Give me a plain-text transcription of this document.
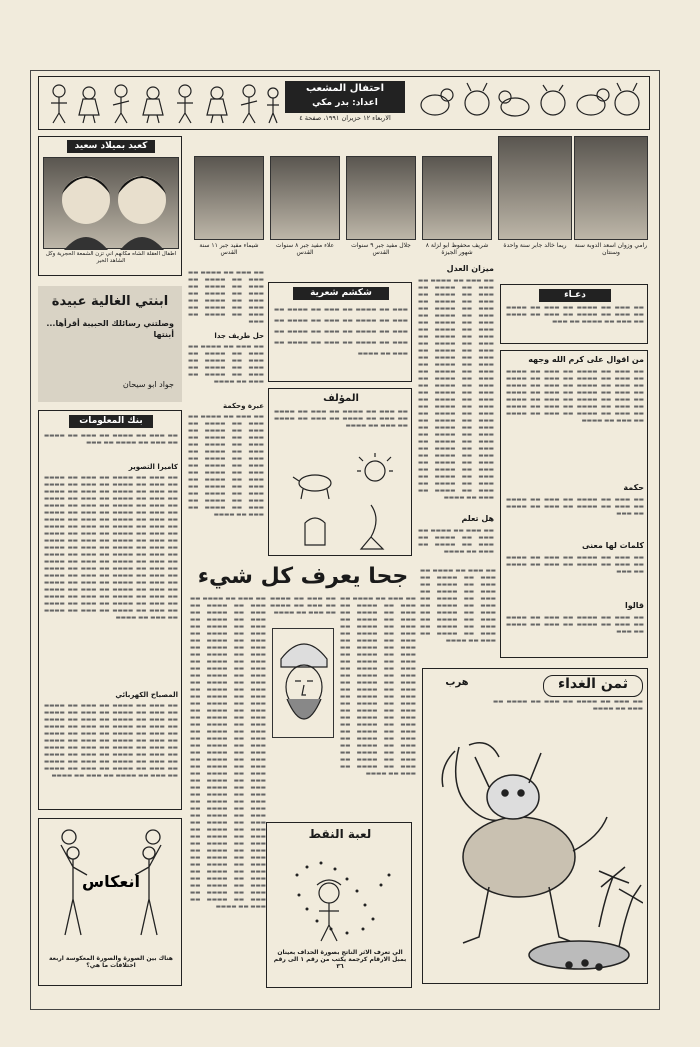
احتفال المشعب
اعداد: بدر مكي
الاربعاء ١٢ حزيران ١٩٩١، صفحة ٤
كعبد بميلاد سعيد
اطفال العقلة الشاه مكانهم اني تزن الشمعة الحجرية وكل الشاهد الخير
ابنتي الغالية عبيدة
وصلتني رسائلك الحبيبة أقرأها... أبنتها
جواد ابو سيحان
بنك المعلومات
▬▬ ▬▬▬ ▬▬ ▬▬▬▬ ▬▬ ▬▬▬ ▬▬ ▬▬▬▬ ▬▬ ▬▬▬ ▬▬ ▬▬▬▬ ▬▬ ▬▬▬
كاميرا التصوير
▬▬ ▬▬▬ ▬▬ ▬▬▬▬ ▬▬ ▬▬▬ ▬▬ ▬▬▬▬ ▬▬ ▬▬▬ ▬▬ ▬▬▬▬ ▬▬ ▬▬▬ ▬▬ ▬▬▬▬ ▬▬ ▬▬▬ ▬▬ ▬▬▬▬ ▬▬ ▬▬▬ ▬▬ ▬▬▬▬ ▬▬ ▬▬▬ ▬▬ ▬▬▬▬ ▬▬ ▬▬▬ ▬▬ ▬▬▬▬ ▬▬ ▬▬▬ ▬▬ ▬▬▬▬ ▬▬ ▬▬▬ ▬▬ ▬▬▬▬ ▬▬ ▬▬▬ ▬▬ ▬▬▬▬ ▬▬ ▬▬▬ ▬▬ ▬▬▬▬ ▬▬ ▬▬▬ ▬▬ ▬▬▬▬ ▬▬ ▬▬▬ ▬▬ ▬▬▬▬ ▬▬ ▬▬▬ ▬▬ ▬▬▬▬ ▬▬ ▬▬▬ ▬▬ ▬▬▬▬ ▬▬ ▬▬▬ ▬▬ ▬▬▬▬ ▬▬ ▬▬▬ ▬▬ ▬▬▬▬ ▬▬ ▬▬▬ ▬▬ ▬▬▬▬ ▬▬ ▬▬▬ ▬▬ ▬▬▬▬ ▬▬ ▬▬▬ ▬▬ ▬▬▬▬ ▬▬ ▬▬▬ ▬▬ ▬▬▬▬ ▬▬ ▬▬▬ ▬▬ ▬▬▬▬ ▬▬ ▬▬▬ ▬▬ ▬▬▬▬ ▬▬ ▬▬▬ ▬▬ ▬▬▬▬ ▬▬ ▬▬▬ ▬▬ ▬▬▬▬ ▬▬ ▬▬▬ ▬▬ ▬▬▬▬ ▬▬ ▬▬▬ ▬▬ ▬▬▬▬ ▬▬ ▬▬▬ ▬▬ ▬▬▬▬ ▬▬ ▬▬▬ ▬▬ ▬▬▬▬ ▬▬ ▬▬▬ ▬▬ ▬▬▬▬ ▬▬ ▬▬▬ ▬▬ ▬▬▬▬ ▬▬ ▬▬▬ ▬▬ ▬▬▬▬ ▬▬ ▬▬▬ ▬▬ ▬▬▬▬ ▬▬ ▬▬▬ ▬▬ ▬▬▬▬ ▬▬ ▬▬▬ ▬▬ ▬▬▬▬ ▬▬ ▬▬▬ ▬▬ ▬▬▬▬ ▬▬ ▬▬▬ ▬▬ ▬▬▬▬ ▬▬ ▬▬▬ ▬▬ ▬▬▬▬ ▬▬ ▬▬▬ ▬▬ ▬▬▬▬ ▬▬ ▬▬▬ ▬▬ ▬▬▬▬
المصباح الكهربائي
▬▬ ▬▬▬ ▬▬ ▬▬▬▬ ▬▬ ▬▬▬ ▬▬ ▬▬▬▬ ▬▬ ▬▬▬ ▬▬ ▬▬▬▬ ▬▬ ▬▬▬ ▬▬ ▬▬▬▬ ▬▬ ▬▬▬ ▬▬ ▬▬▬▬ ▬▬ ▬▬▬ ▬▬ ▬▬▬▬ ▬▬ ▬▬▬ ▬▬ ▬▬▬▬ ▬▬ ▬▬▬ ▬▬ ▬▬▬▬ ▬▬ ▬▬▬ ▬▬ ▬▬▬▬ ▬▬ ▬▬▬ ▬▬ ▬▬▬▬ ▬▬ ▬▬▬ ▬▬ ▬▬▬▬ ▬▬ ▬▬▬ ▬▬ ▬▬▬▬ ▬▬ ▬▬▬ ▬▬ ▬▬▬▬ ▬▬ ▬▬▬ ▬▬ ▬▬▬▬ ▬▬ ▬▬▬ ▬▬ ▬▬▬▬ ▬▬ ▬▬▬ ▬▬ ▬▬▬▬ ▬▬ ▬▬▬ ▬▬ ▬▬▬▬ ▬▬ ▬▬▬ ▬▬ ▬▬▬▬ ▬▬ ▬▬▬ ▬▬ ▬▬▬▬ ▬▬ ▬▬▬ ▬▬ ▬▬▬▬ ▬▬ ▬▬▬ ▬▬ ▬▬▬▬ ▬▬ ▬▬▬ ▬▬ ▬▬▬▬
انعكاس
هناك بين الصورة والصورة المعكوسة اربعة اختلافات ما هي؟
رامي وزوان اسعد الدوبة سنة وسنتان
ريما خالد جابر سنة واحدة
شريف محفوظ ابو لزلة ٨ شهور الجيزة
جلال مفيد جبر ٩ سنوات القدس
علاء مفيد جبر ٨ سنوات القدس
شيماء مفيد جبر ١١ سنة القدس
▬▬ ▬▬▬ ▬▬ ▬▬▬▬ ▬▬ ▬▬▬ ▬▬ ▬▬▬▬ ▬▬ ▬▬▬ ▬▬ ▬▬▬▬ ▬▬ ▬▬▬ ▬▬ ▬▬▬▬ ▬▬ ▬▬▬ ▬▬ ▬▬▬▬ ▬▬ ▬▬▬ ▬▬ ▬▬▬▬ ▬▬ ▬▬▬ ▬▬ ▬▬▬▬ ▬▬ ▬▬▬
حل طريف جدا
▬▬ ▬▬▬ ▬▬ ▬▬▬▬ ▬▬ ▬▬▬ ▬▬ ▬▬▬▬ ▬▬ ▬▬▬ ▬▬ ▬▬▬▬ ▬▬ ▬▬▬ ▬▬ ▬▬▬▬ ▬▬ ▬▬▬ ▬▬ ▬▬▬▬ ▬▬ ▬▬▬ ▬▬ ▬▬▬▬
عبرة وحكمة
▬▬ ▬▬▬ ▬▬ ▬▬▬▬ ▬▬ ▬▬▬ ▬▬ ▬▬▬▬ ▬▬ ▬▬▬ ▬▬ ▬▬▬▬ ▬▬ ▬▬▬ ▬▬ ▬▬▬▬ ▬▬ ▬▬▬ ▬▬ ▬▬▬▬ ▬▬ ▬▬▬ ▬▬ ▬▬▬▬ ▬▬ ▬▬▬ ▬▬ ▬▬▬▬ ▬▬ ▬▬▬ ▬▬ ▬▬▬▬ ▬▬ ▬▬▬ ▬▬ ▬▬▬▬ ▬▬ ▬▬▬ ▬▬ ▬▬▬▬ ▬▬ ▬▬▬ ▬▬ ▬▬▬▬ ▬▬ ▬▬▬ ▬▬ ▬▬▬▬ ▬▬ ▬▬▬ ▬▬ ▬▬▬▬ ▬▬ ▬▬▬ ▬▬ ▬▬▬▬ ▬▬ ▬▬▬ ▬▬ ▬▬▬▬
شكشم شعرية
▬▬▬ ▬▬ ▬▬▬▬ ▬▬ ▬▬▬ ▬▬ ▬▬▬▬ ▬▬ ▬▬▬ ▬▬ ▬▬▬▬ ▬▬ ▬▬▬ ▬▬ ▬▬▬▬ ▬▬ ▬▬▬ ▬▬ ▬▬▬▬ ▬▬ ▬▬▬ ▬▬ ▬▬▬▬ ▬▬ ▬▬▬ ▬▬ ▬▬▬▬ ▬▬ ▬▬▬ ▬▬ ▬▬▬▬ ▬▬ ▬▬▬ ▬▬ ▬▬▬▬
المؤلف
▬▬ ▬▬▬ ▬▬ ▬▬▬▬ ▬▬ ▬▬▬ ▬▬ ▬▬▬▬ ▬▬ ▬▬▬ ▬▬ ▬▬▬▬ ▬▬ ▬▬▬ ▬▬ ▬▬▬▬ ▬▬ ▬▬▬ ▬▬ ▬▬▬▬
ميزان العدل
▬▬ ▬▬▬ ▬▬ ▬▬▬▬ ▬▬ ▬▬▬ ▬▬ ▬▬▬▬ ▬▬ ▬▬▬ ▬▬ ▬▬▬▬ ▬▬ ▬▬▬ ▬▬ ▬▬▬▬ ▬▬ ▬▬▬ ▬▬ ▬▬▬▬ ▬▬ ▬▬▬ ▬▬ ▬▬▬▬ ▬▬ ▬▬▬ ▬▬ ▬▬▬▬ ▬▬ ▬▬▬ ▬▬ ▬▬▬▬ ▬▬ ▬▬▬ ▬▬ ▬▬▬▬ ▬▬ ▬▬▬ ▬▬ ▬▬▬▬ ▬▬ ▬▬▬ ▬▬ ▬▬▬▬ ▬▬ ▬▬▬ ▬▬ ▬▬▬▬ ▬▬ ▬▬▬ ▬▬ ▬▬▬▬ ▬▬ ▬▬▬ ▬▬ ▬▬▬▬ ▬▬ ▬▬▬ ▬▬ ▬▬▬▬ ▬▬ ▬▬▬ ▬▬ ▬▬▬▬ ▬▬ ▬▬▬ ▬▬ ▬▬▬▬ ▬▬ ▬▬▬ ▬▬ ▬▬▬▬ ▬▬ ▬▬▬ ▬▬ ▬▬▬▬ ▬▬ ▬▬▬ ▬▬ ▬▬▬▬ ▬▬ ▬▬▬ ▬▬ ▬▬▬▬ ▬▬ ▬▬▬ ▬▬ ▬▬▬▬ ▬▬ ▬▬▬ ▬▬ ▬▬▬▬ ▬▬ ▬▬▬ ▬▬ ▬▬▬▬ ▬▬ ▬▬▬ ▬▬ ▬▬▬▬ ▬▬ ▬▬▬ ▬▬ ▬▬▬▬ ▬▬ ▬▬▬ ▬▬ ▬▬▬▬ ▬▬ ▬▬▬ ▬▬ ▬▬▬▬ ▬▬ ▬▬▬ ▬▬ ▬▬▬▬ ▬▬ ▬▬▬ ▬▬ ▬▬▬▬ ▬▬ ▬▬▬ ▬▬ ▬▬▬▬ ▬▬ ▬▬▬ ▬▬ ▬▬▬▬
هل تعلم
▬▬ ▬▬▬ ▬▬ ▬▬▬▬ ▬▬ ▬▬▬ ▬▬ ▬▬▬▬ ▬▬ ▬▬▬ ▬▬ ▬▬▬▬ ▬▬ ▬▬▬ ▬▬ ▬▬▬▬
دعـاء
▬▬ ▬▬▬ ▬▬ ▬▬▬▬ ▬▬ ▬▬▬ ▬▬ ▬▬▬▬ ▬▬ ▬▬▬ ▬▬ ▬▬▬▬ ▬▬ ▬▬▬ ▬▬ ▬▬▬▬ ▬▬ ▬▬▬ ▬▬ ▬▬▬▬ ▬▬ ▬▬▬
من اقوال على كرم الله وجهه
▬▬ ▬▬▬ ▬▬ ▬▬▬▬ ▬▬ ▬▬▬ ▬▬ ▬▬▬▬ ▬▬ ▬▬▬ ▬▬ ▬▬▬▬ ▬▬ ▬▬▬ ▬▬ ▬▬▬▬ ▬▬ ▬▬▬ ▬▬ ▬▬▬▬ ▬▬ ▬▬▬ ▬▬ ▬▬▬▬ ▬▬ ▬▬▬ ▬▬ ▬▬▬▬ ▬▬ ▬▬▬ ▬▬ ▬▬▬▬ ▬▬ ▬▬▬ ▬▬ ▬▬▬▬ ▬▬ ▬▬▬ ▬▬ ▬▬▬▬ ▬▬ ▬▬▬ ▬▬ ▬▬▬▬ ▬▬ ▬▬▬ ▬▬ ▬▬▬▬ ▬▬ ▬▬▬ ▬▬ ▬▬▬▬ ▬▬ ▬▬▬ ▬▬ ▬▬▬▬ ▬▬ ▬▬▬ ▬▬ ▬▬▬▬
حكمة
▬▬ ▬▬▬ ▬▬ ▬▬▬▬ ▬▬ ▬▬▬ ▬▬ ▬▬▬▬ ▬▬ ▬▬▬ ▬▬ ▬▬▬▬ ▬▬ ▬▬▬ ▬▬ ▬▬▬▬ ▬▬ ▬▬▬
كلمات لها معنى
▬▬ ▬▬▬ ▬▬ ▬▬▬▬ ▬▬ ▬▬▬ ▬▬ ▬▬▬▬ ▬▬ ▬▬▬ ▬▬ ▬▬▬▬ ▬▬ ▬▬▬ ▬▬ ▬▬▬▬ ▬▬ ▬▬▬
قالوا
▬▬ ▬▬▬ ▬▬ ▬▬▬▬ ▬▬ ▬▬▬ ▬▬ ▬▬▬▬ ▬▬ ▬▬▬ ▬▬ ▬▬▬▬ ▬▬ ▬▬▬ ▬▬ ▬▬▬▬ ▬▬ ▬▬▬
جحا يعرف كل شيء
▬▬ ▬▬▬ ▬▬ ▬▬▬▬ ▬▬ ▬▬▬ ▬▬ ▬▬▬▬ ▬▬ ▬▬▬ ▬▬ ▬▬▬▬ ▬▬ ▬▬▬ ▬▬ ▬▬▬▬ ▬▬ ▬▬▬ ▬▬ ▬▬▬▬ ▬▬ ▬▬▬ ▬▬ ▬▬▬▬ ▬▬ ▬▬▬ ▬▬ ▬▬▬▬ ▬▬ ▬▬▬ ▬▬ ▬▬▬▬ ▬▬ ▬▬▬ ▬▬ ▬▬▬▬ ▬▬ ▬▬▬ ▬▬ ▬▬▬▬ ▬▬ ▬▬▬ ▬▬ ▬▬▬▬ ▬▬ ▬▬▬ ▬▬ ▬▬▬▬ ▬▬ ▬▬▬ ▬▬ ▬▬▬▬ ▬▬ ▬▬▬ ▬▬ ▬▬▬▬ ▬▬ ▬▬▬ ▬▬ ▬▬▬▬ ▬▬ ▬▬▬ ▬▬ ▬▬▬▬ ▬▬ ▬▬▬ ▬▬ ▬▬▬▬ ▬▬ ▬▬▬ ▬▬ ▬▬▬▬ ▬▬ ▬▬▬ ▬▬ ▬▬▬▬ ▬▬ ▬▬▬ ▬▬ ▬▬▬▬ ▬▬ ▬▬▬ ▬▬ ▬▬▬▬ ▬▬ ▬▬▬ ▬▬ ▬▬▬▬ ▬▬ ▬▬▬ ▬▬ ▬▬▬▬ ▬▬ ▬▬▬ ▬▬ ▬▬▬▬ ▬▬ ▬▬▬ ▬▬ ▬▬▬▬ ▬▬ ▬▬▬ ▬▬ ▬▬▬▬ ▬▬ ▬▬▬ ▬▬ ▬▬▬▬ ▬▬ ▬▬▬ ▬▬ ▬▬▬▬ ▬▬ ▬▬▬ ▬▬ ▬▬▬▬ ▬▬ ▬▬▬ ▬▬ ▬▬▬▬ ▬▬ ▬▬▬ ▬▬ ▬▬▬▬ ▬▬ ▬▬▬ ▬▬ ▬▬▬▬ ▬▬ ▬▬▬ ▬▬ ▬▬▬▬ ▬▬ ▬▬▬ ▬▬ ▬▬▬▬ ▬▬ ▬▬▬ ▬▬ ▬▬▬▬ ▬▬ ▬▬▬ ▬▬ ▬▬▬▬ ▬▬ ▬▬▬ ▬▬ ▬▬▬▬ ▬▬ ▬▬▬ ▬▬ ▬▬▬▬ ▬▬ ▬▬▬ ▬▬ ▬▬▬▬ ▬▬ ▬▬▬ ▬▬ ▬▬▬▬ ▬▬ ▬▬▬ ▬▬ ▬▬▬▬ ▬▬ ▬▬▬ ▬▬ ▬▬▬▬ ▬▬ ▬▬▬ ▬▬ ▬▬▬▬ ▬▬ ▬▬▬ ▬▬ ▬▬▬▬ ▬▬ ▬▬▬ ▬▬ ▬▬▬▬
▬▬ ▬▬▬ ▬▬ ▬▬▬▬ ▬▬ ▬▬▬ ▬▬ ▬▬▬▬ ▬▬ ▬▬▬ ▬▬ ▬▬▬▬
▬▬ ▬▬▬ ▬▬ ▬▬▬▬ ▬▬ ▬▬▬ ▬▬ ▬▬▬▬ ▬▬ ▬▬▬ ▬▬ ▬▬▬▬ ▬▬ ▬▬▬ ▬▬ ▬▬▬▬ ▬▬ ▬▬▬ ▬▬ ▬▬▬▬ ▬▬ ▬▬▬ ▬▬ ▬▬▬▬ ▬▬ ▬▬▬ ▬▬ ▬▬▬▬ ▬▬ ▬▬▬ ▬▬ ▬▬▬▬ ▬▬ ▬▬▬ ▬▬ ▬▬▬▬ ▬▬ ▬▬▬ ▬▬ ▬▬▬▬ ▬▬ ▬▬▬ ▬▬ ▬▬▬▬ ▬▬ ▬▬▬ ▬▬ ▬▬▬▬ ▬▬ ▬▬▬ ▬▬ ▬▬▬▬ ▬▬ ▬▬▬ ▬▬ ▬▬▬▬ ▬▬ ▬▬▬ ▬▬ ▬▬▬▬ ▬▬ ▬▬▬ ▬▬ ▬▬▬▬ ▬▬ ▬▬▬ ▬▬ ▬▬▬▬ ▬▬ ▬▬▬ ▬▬ ▬▬▬▬ ▬▬ ▬▬▬ ▬▬ ▬▬▬▬ ▬▬ ▬▬▬ ▬▬ ▬▬▬▬ ▬▬ ▬▬▬ ▬▬ ▬▬▬▬ ▬▬ ▬▬▬ ▬▬ ▬▬▬▬ ▬▬ ▬▬▬ ▬▬ ▬▬▬▬ ▬▬ ▬▬▬ ▬▬ ▬▬▬▬ ▬▬ ▬▬▬ ▬▬ ▬▬▬▬ ▬▬ ▬▬▬ ▬▬ ▬▬▬▬
▬▬ ▬▬▬ ▬▬ ▬▬▬▬ ▬▬ ▬▬▬ ▬▬ ▬▬▬▬ ▬▬ ▬▬▬ ▬▬ ▬▬▬▬ ▬▬ ▬▬▬ ▬▬ ▬▬▬▬ ▬▬ ▬▬▬ ▬▬ ▬▬▬▬ ▬▬ ▬▬▬ ▬▬ ▬▬▬▬ ▬▬ ▬▬▬ ▬▬ ▬▬▬▬ ▬▬ ▬▬▬ ▬▬ ▬▬▬▬ ▬▬ ▬▬▬ ▬▬ ▬▬▬▬ ▬▬ ▬▬▬ ▬▬ ▬▬▬▬ ▬▬ ▬▬▬ ▬▬ ▬▬▬▬
لعبة النقط
الي تعرف الاثر الناتج بصورة الحداف بعينان بمبل الارقام كرجمة يكتب من رقم ١ الى رقم ٣٦
ثمن الغداء
هرب
▬▬ ▬▬▬ ▬▬ ▬▬▬▬ ▬▬ ▬▬▬ ▬▬ ▬▬▬▬ ▬▬ ▬▬▬ ▬▬ ▬▬▬▬
